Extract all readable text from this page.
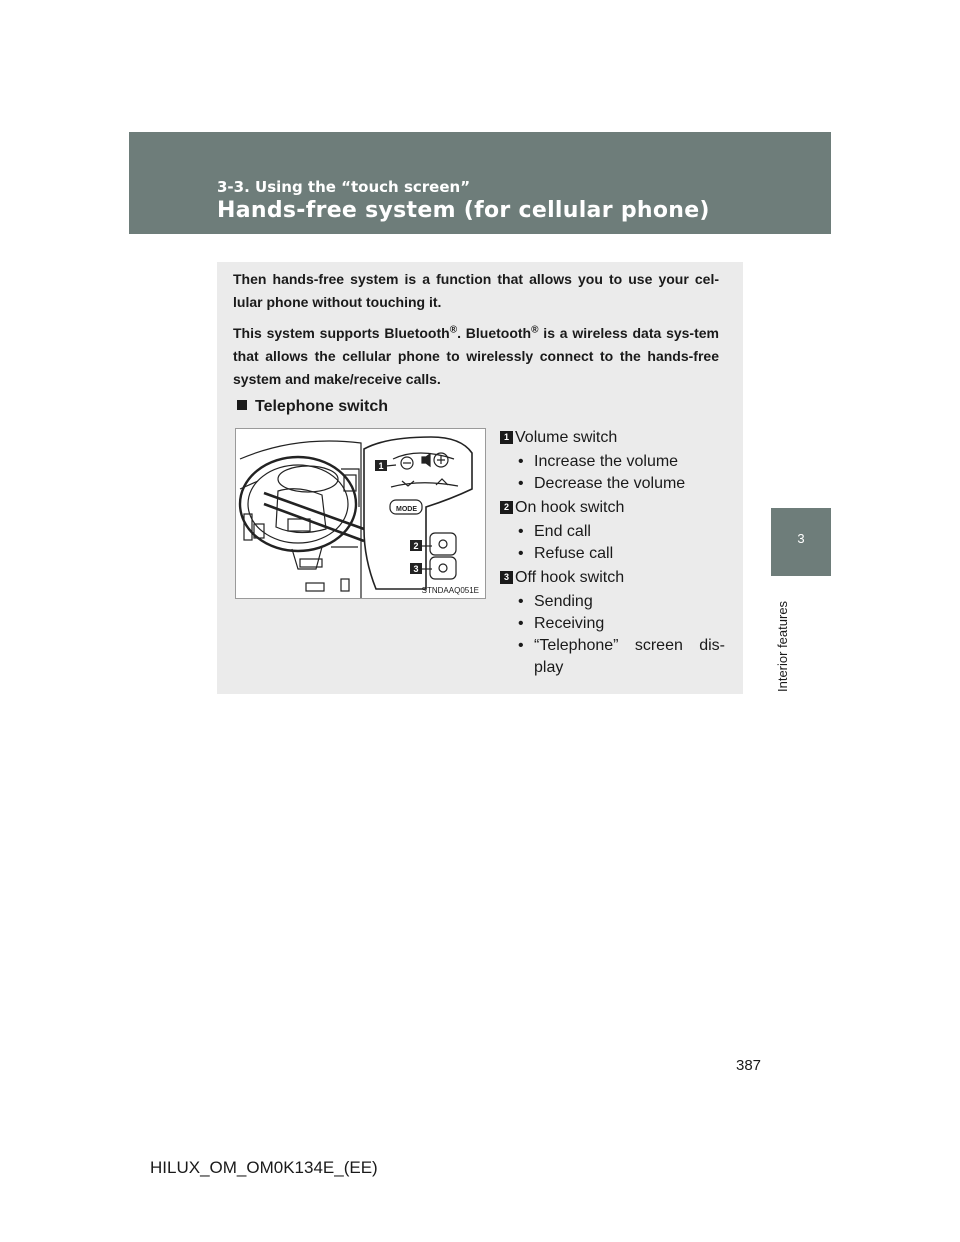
3-3. Using the “touch screen”
Hands-free system (for cellular phone)
3
Interior features

Then hands-free system is a function that allows you to use your cel-lular phone without touching it.

This system supports Bluetooth®. Bluetooth® is a wireless data sys-tem that allows the cellular phone to wirelessly connect to the hands-free system and make/receive calls.

Telephone switch
MODE
1
2
3
STNDAAQ051E
1 Volume switch
• Increase the volume
• Decrease the volume
2 On hook switch
• End call
• Refuse call
3 Off hook switch
• Sending
• Receiving
• “Telephone” screen dis-play
387
HILUX_OM_OM0K134E_(EE)
